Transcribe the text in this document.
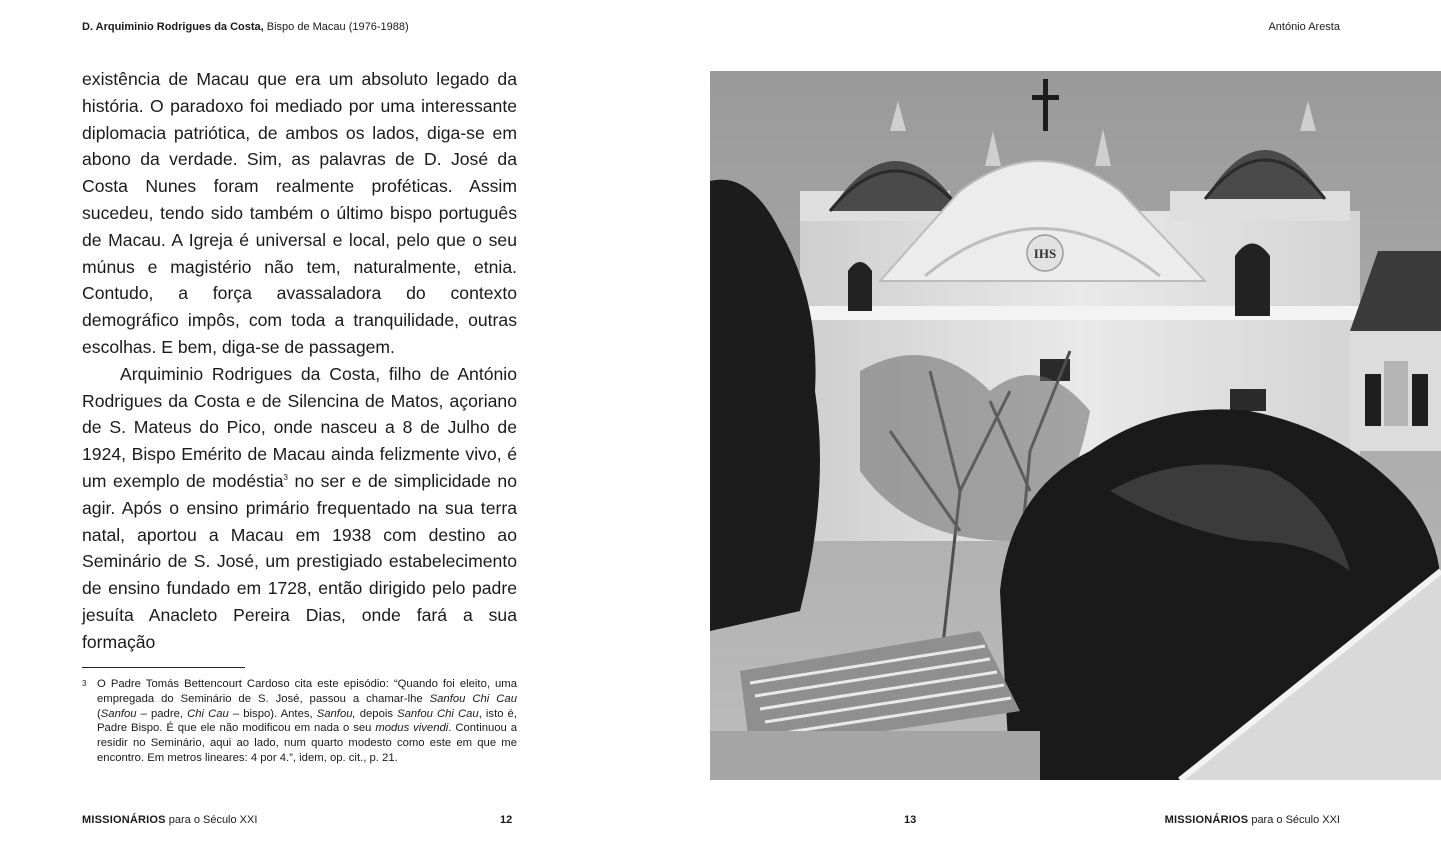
D. Arquiminio Rodrigues da Costa, Bispo de Macau (1976-1988)

existência de Macau que era um absoluto legado da história. O paradoxo foi mediado por uma interessante diplomacia patriótica, de ambos os lados, diga-se em abono da verdade. Sim, as palavras de D. José da Costa Nunes foram realmente proféticas. Assim sucedeu, tendo sido também o último bispo português de Macau. A Igreja é universal e local, pelo que o seu múnus e magistério não tem, naturalmente, etnia. Contudo, a força avassaladora do contexto demográfico impôs, com toda a tranquilidade, outras escolhas. E bem, diga-se de passagem.

Arquiminio Rodrigues da Costa, filho de António Rodrigues da Costa e de Silencina de Matos, açoriano de S. Mateus do Pico, onde nasceu a 8 de Julho de 1924, Bispo Emérito de Macau ainda felizmente vivo, é um exemplo de modéstia$^3$ no ser e de simplicidade no agir. Após o ensino primário frequentado na sua terra natal, aportou a Macau em 1938 com destino ao Seminário de S. José, um prestigiado estabelecimento de ensino fundado em 1728, então dirigido pelo padre jesuíta Anacleto Pereira Dias, onde fará a sua formação

3 O Padre Tomás Bettencourt Cardoso cita este episódio: “Quando foi eleito, uma empregada do Seminário de S. José, passou a chamar-lhe Sanfou Chi Cau (Sanfou – padre, Chi Cau – bispo). Antes, Sanfou, depois Sanfou Chi Cau, isto é, Padre Bispo. É que ele não modificou em nada o seu modus vivendi. Continuou a residir no Seminário, aqui ao lado, num quarto modesto como este em que me encontro. Em metros lineares: 4 por 4.”, idem, op. cit., p. 21.
MISSIONÁRIOS para o Século XXI	12
António Aresta
13	MISSIONÁRIOS para o Século XXI
IHS
